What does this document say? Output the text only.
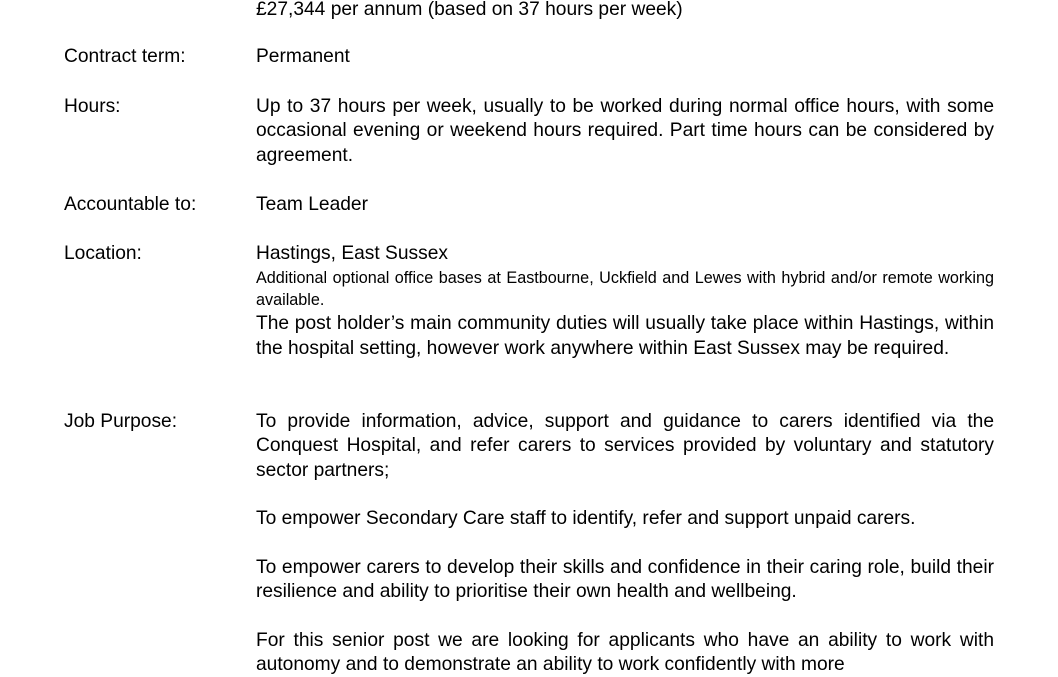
£27,344 per annum (based on 37 hours per week)
Contract term:	Permanent
Hours:	Up to 37 hours per week, usually to be worked during normal office hours, with some occasional evening or weekend hours required. Part time hours can be considered by agreement.
Accountable to:	Team Leader
Location:	Hastings, East Sussex

Additional optional office bases at Eastbourne, Uckfield and Lewes with hybrid and/or remote working available.

The post holder’s main community duties will usually take place within Hastings, within the hospital setting, however work anywhere within East Sussex may be required.

Job Purpose:	To provide information, advice, support and guidance to carers identified via the Conquest Hospital, and refer carers to services provided by voluntary and statutory sector partners;

To empower Secondary Care staff to identify, refer and support unpaid carers.

To empower carers to develop their skills and confidence in their caring role, build their resilience and ability to prioritise their own health and wellbeing.

For this senior post we are looking for applicants who have an ability to work with autonomy and to demonstrate an ability to work confidently with more
